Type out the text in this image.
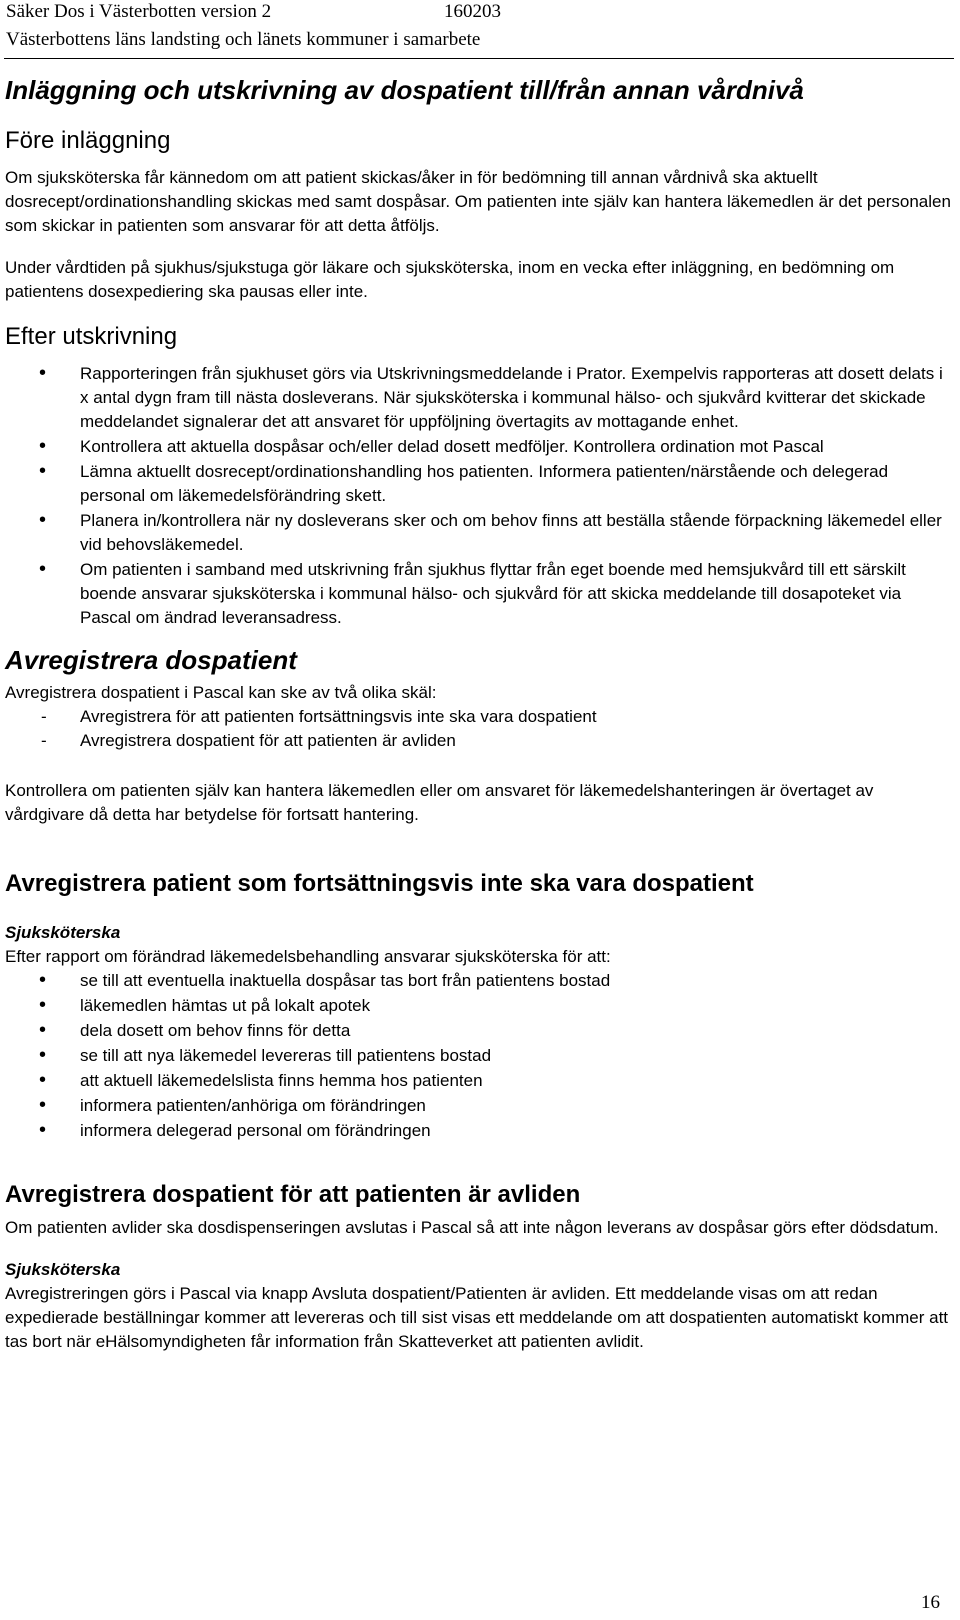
Säker Dos i Västerbotten version 2	160203
Västerbottens läns landsting och länets kommuner i samarbete
Inläggning och utskrivning av dospatient till/från annan vårdnivå
Före inläggning

Om sjuksköterska får kännedom om att patient skickas/åker in för bedömning till annan vårdnivå ska aktuellt dosrecept/ordinationshandling skickas med samt dospåsar. Om patienten inte själv kan hantera läkemedlen är det personalen som skickar in patienten som ansvarar för att detta åtföljs.

Under vårdtiden på sjukhus/sjukstuga gör läkare och sjuksköterska, inom en vecka efter inläggning, en bedömning om patientens dosexpediering ska pausas eller inte.

Efter utskrivning
• Rapporteringen från sjukhuset görs via Utskrivningsmeddelande i Prator. Exempelvis rapporteras att dosett delats i x antal dygn fram till nästa dosleverans. När sjuksköterska i kommunal hälso- och sjukvård kvitterar det skickade meddelandet signalerar det att ansvaret för uppföljning övertagits av mottagande enhet.
• Kontrollera att aktuella dospåsar och/eller delad dosett medföljer. Kontrollera ordination mot Pascal
• Lämna aktuellt dosrecept/ordinationshandling hos patienten. Informera patienten/närstående och delegerad personal om läkemedelsförändring skett.
• Planera in/kontrollera när ny dosleverans sker och om behov finns att beställa stående förpackning läkemedel eller vid behovsläkemedel.
• Om patienten i samband med utskrivning från sjukhus flyttar från eget boende med hemsjukvård till ett särskilt boende ansvarar sjuksköterska i kommunal hälso- och sjukvård för att skicka meddelande till dosapoteket via Pascal om ändrad leveransadress.
Avregistrera dospatient

Avregistrera dospatient i Pascal kan ske av två olika skäl:

- Avregistrera för att patienten fortsättningsvis inte ska vara dospatient
- Avregistrera dospatient för att patienten är avliden

Kontrollera om patienten själv kan hantera läkemedlen eller om ansvaret för läkemedelshanteringen är övertaget av vårdgivare då detta har betydelse för fortsatt hantering.

Avregistrera patient som fortsättningsvis inte ska vara dospatient
Sjuksköterska

Efter rapport om förändrad läkemedelsbehandling ansvarar sjuksköterska för att:

• se till att eventuella inaktuella dospåsar tas bort från patientens bostad
• läkemedlen hämtas ut på lokalt apotek
• dela dosett om behov finns för detta
• se till att nya läkemedel levereras till patientens bostad
• att aktuell läkemedelslista finns hemma hos patienten
• informera patienten/anhöriga om förändringen
• informera delegerad personal om förändringen
Avregistrera dospatient för att patienten är avliden

Om patienten avlider ska dosdispenseringen avslutas i Pascal så att inte någon leverans av dospåsar görs efter dödsdatum.

Sjuksköterska

Avregistreringen görs i Pascal via knapp Avsluta dospatient/Patienten är avliden. Ett meddelande visas om att redan expedierade beställningar kommer att levereras och till sist visas ett meddelande om att dospatienten automatiskt kommer att tas bort när eHälsomyndigheten får information från Skatteverket att patienten avlidit.

16
